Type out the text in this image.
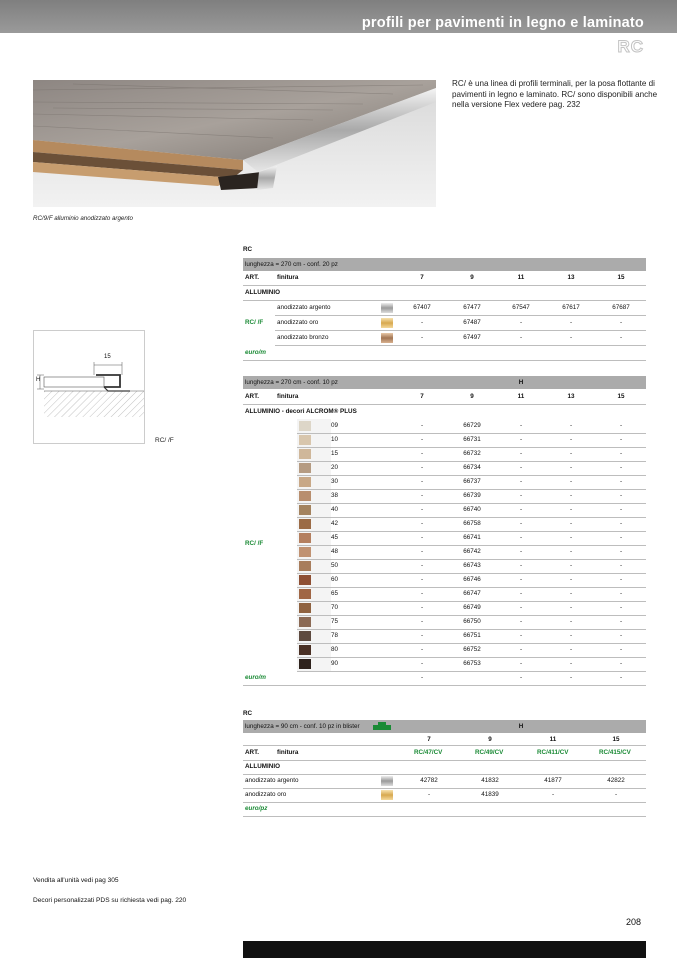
profili per pavimenti in legno e laminato
RC
RC/ è una linea di profili terminali, per la posa flottante di pavimenti in legno e laminato. RC/ sono disponibili anche nella versione Flex vedere pag. 232
RC/9/F alluminio anodizzato argento
15
H
RC/ /F
RC
lunghezza = 270 cm - conf. 20 pz
ART.	finitura	7	9	11	13	15
ALLUMINIO
anodizzato argento	67407	67477	67547	67617	67687
anodizzato oro	-	67487	-	-	-
anodizzato bronzo	-	67497	-	-	-
RC/ /F
euro/m
lunghezza = 270 cm - conf. 10 pz	H
ART.	finitura	7	9	11	13	15
ALLUMINIO - decori ALCROM® PLUS
09	-	66729	-	-	-
10	-	66731	-	-	-
15	-	66732	-	-	-
20	-	66734	-	-	-
30	-	66737	-	-	-
38	-	66739	-	-	-
40	-	66740	-	-	-
42	-	66758	-	-	-
45	-	66741	-	-	-
48	-	66742	-	-	-
50	-	66743	-	-	-
60	-	66746	-	-	-
65	-	66747	-	-	-
70	-	66749	-	-	-
75	-	66750	-	-	-
78	-	66751	-	-	-
80	-	66752	-	-	-
90	-	66753	-	-	-
RC/ /F
euro/m	-	-	-	-
RC
lunghezza = 90 cm - conf. 10 pz in blister	H
7	9	11	15
ART.	finitura	RC/47/CV	RC/49/CV	RC/411/CV	RC/415/CV
ALLUMINIO
anodizzato argento	42782	41832	41877	42822
anodizzato oro	-	41839	-	-
euro/pz
Vendita all'unità vedi pag 305
Decori personalizzati PDS su richiesta vedi pag. 220
208
